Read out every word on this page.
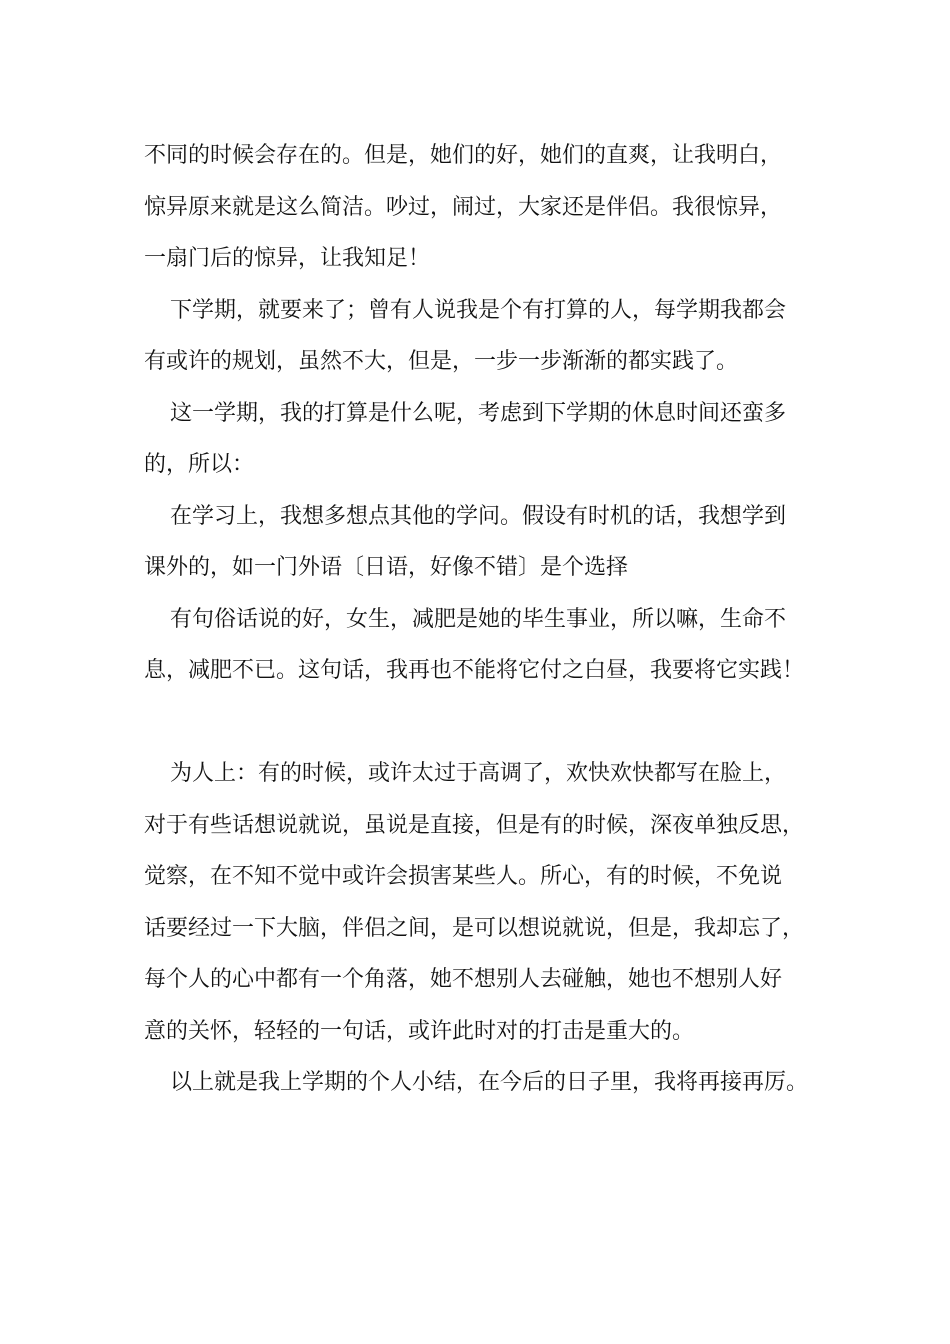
不同的时候会存在的。但是，她们的好，她们的直爽，让我明白，
惊异原来就是这么简洁。吵过，闹过，大家还是伴侣。我很惊异，
一扇门后的惊异，让我知足！
下学期，就要来了；曾有人说我是个有打算的人，每学期我都会
有或许的规划，虽然不大，但是，一步一步渐渐的都实践了。
这一学期，我的打算是什么呢，考虑到下学期的休息时间还蛮多
的，所以：
在学习上，我想多想点其他的学问。假设有时机的话，我想学到
课外的，如一门外语〔日语，好像不错〕是个选择
有句俗话说的好，女生，减肥是她的毕生事业，所以嘛，生命不
息，减肥不已。这句话，我再也不能将它付之白昼，我要将它实践！
为人上：有的时候，或许太过于高调了，欢快欢快都写在脸上，
对于有些话想说就说，虽说是直接，但是有的时候，深夜单独反思，
觉察，在不知不觉中或许会损害某些人。所心，有的时候，不免说
话要经过一下大脑，伴侣之间，是可以想说就说，但是，我却忘了，
每个人的心中都有一个角落，她不想别人去碰触，她也不想别人好
意的关怀，轻轻的一句话，或许此时对的打击是重大的。
以上就是我上学期的个人小结，在今后的日子里，我将再接再厉。
